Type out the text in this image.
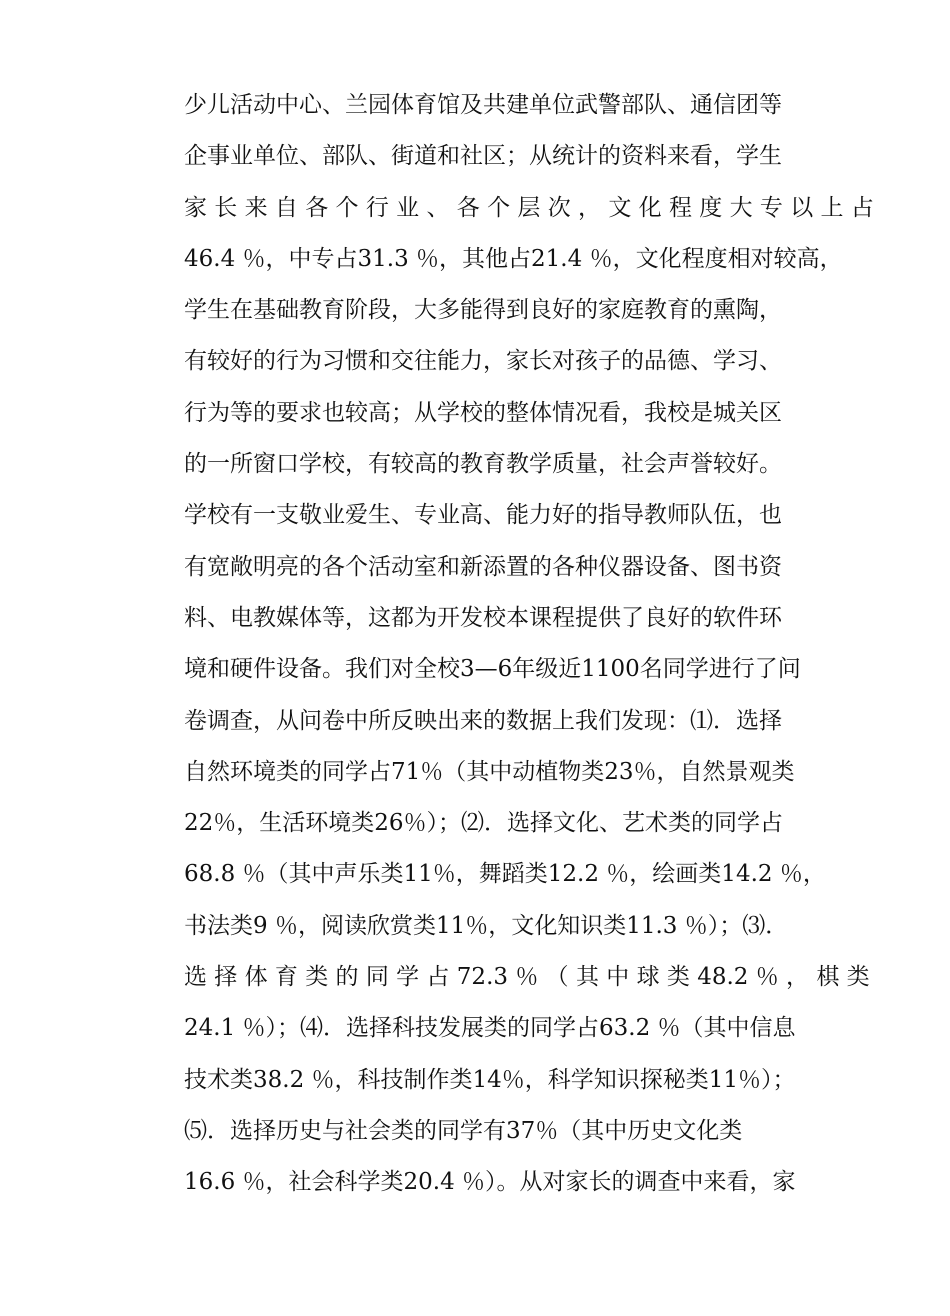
少儿活动中心、兰园体育馆及共建单位武警部队、通信团等
企事业单位、部队、街道和社区；从统计的资料来看，学生
家 长 来 自 各 个 行 业 、 各 个 层 次 ， 文 化 程 度 大 专 以 上 占
46.4 ％，中专占31.3 ％，其他占21.4 ％，文化程度相对较高，
学生在基础教育阶段，大多能得到良好的家庭教育的熏陶，
有较好的行为习惯和交往能力，家长对孩子的品德、学习、
行为等的要求也较高；从学校的整体情况看，我校是城关区
的一所窗口学校，有较高的教育教学质量，社会声誉较好。
学校有一支敬业爱生、专业高、能力好的指导教师队伍，也
有宽敞明亮的各个活动室和新添置的各种仪器设备、图书资
料、电教媒体等，这都为开发校本课程提供了良好的软件环
境和硬件设备。我们对全校3—6年级近1100名同学进行了问
卷调查，从问卷中所反映出来的数据上我们发现：⑴．选择
自然环境类的同学占71％（其中动植物类23％，自然景观类
22％，生活环境类26％）；⑵．选择文化、艺术类的同学占
68.8 ％（其中声乐类11％，舞蹈类12.2 ％，绘画类14.2 ％，
书法类9 ％，阅读欣赏类11％，文化知识类11.3 ％）；⑶．
选 择 体 育 类 的 同 学 占 72.3 ％ （ 其 中 球 类 48.2 ％ ， 棋 类
24.1 ％）；⑷．选择科技发展类的同学占63.2 ％（其中信息
技术类38.2 ％，科技制作类14％，科学知识探秘类11％）；
⑸．选择历史与社会类的同学有37％（其中历史文化类
16.6 ％，社会科学类20.4 ％）。从对家长的调查中来看，家
